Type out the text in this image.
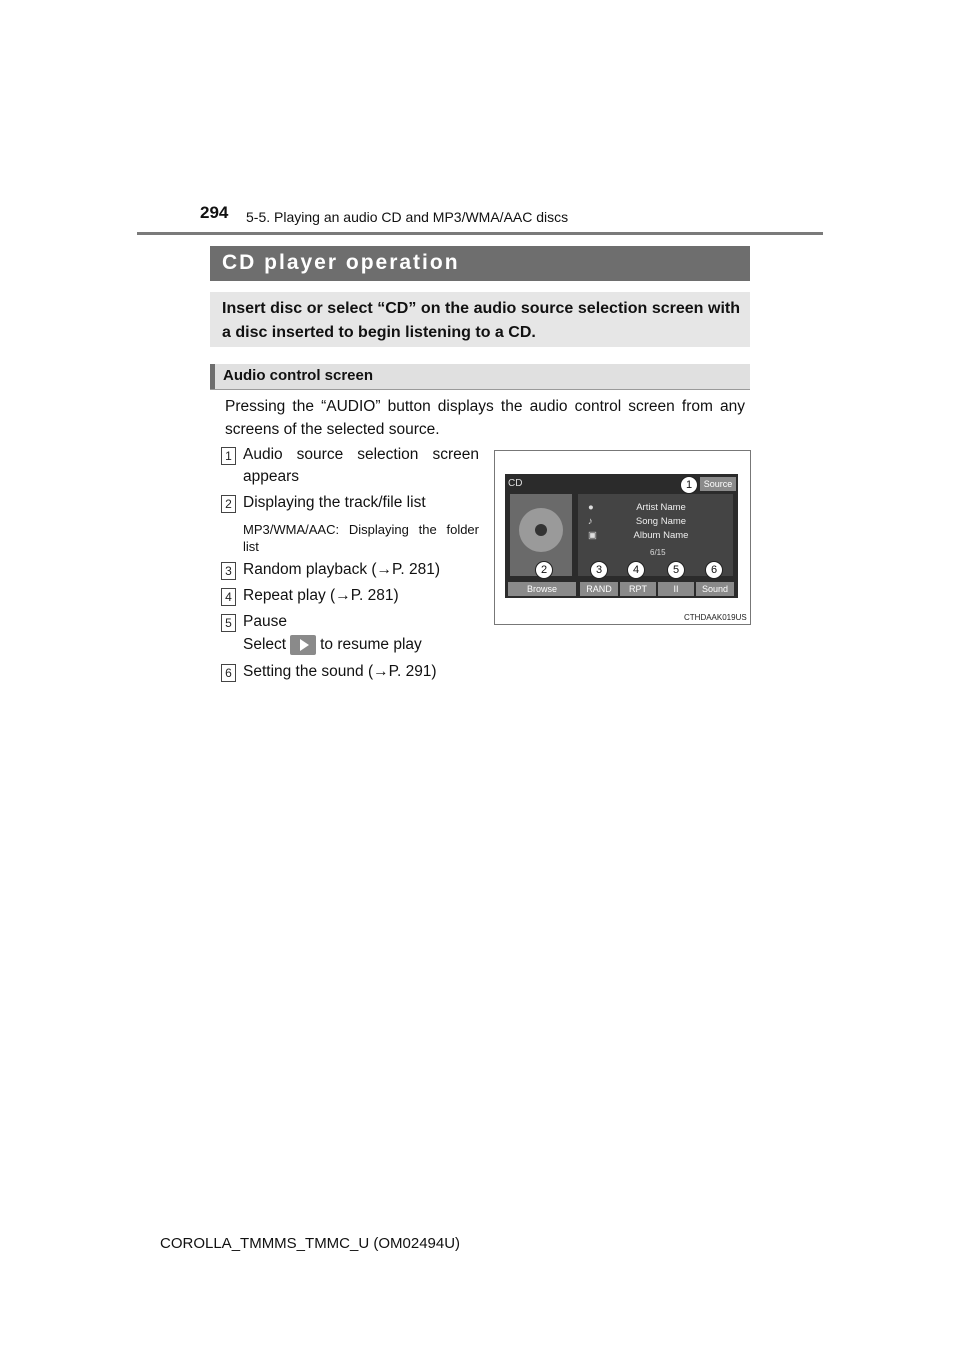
294 5-5. Playing an audio CD and MP3/WMA/AAC discs
CD player operation
Insert disc or select “CD” on the audio source selection screen with a disc inserted to begin listening to a CD.
Audio control screen
Pressing the “AUDIO” button displays the audio control screen from any screens of the selected source.
1 Audio source selection screen appears
2 Displaying the track/file list
MP3/WMA/AAC: Displaying the folder list
3 Random playback (→P. 281)
4 Repeat play (→P. 281)
5 Pause
Select to resume play
6 Setting the sound (→P. 291)
CD	Source
●	Artist Name
♪	Song Name
▣	Album Name
6/15
Browse	RAND	RPT	II	Sound
1
2	3	4	5	6
CTHDAAK019US
COROLLA_TMMMS_TMMC_U (OM02494U)
